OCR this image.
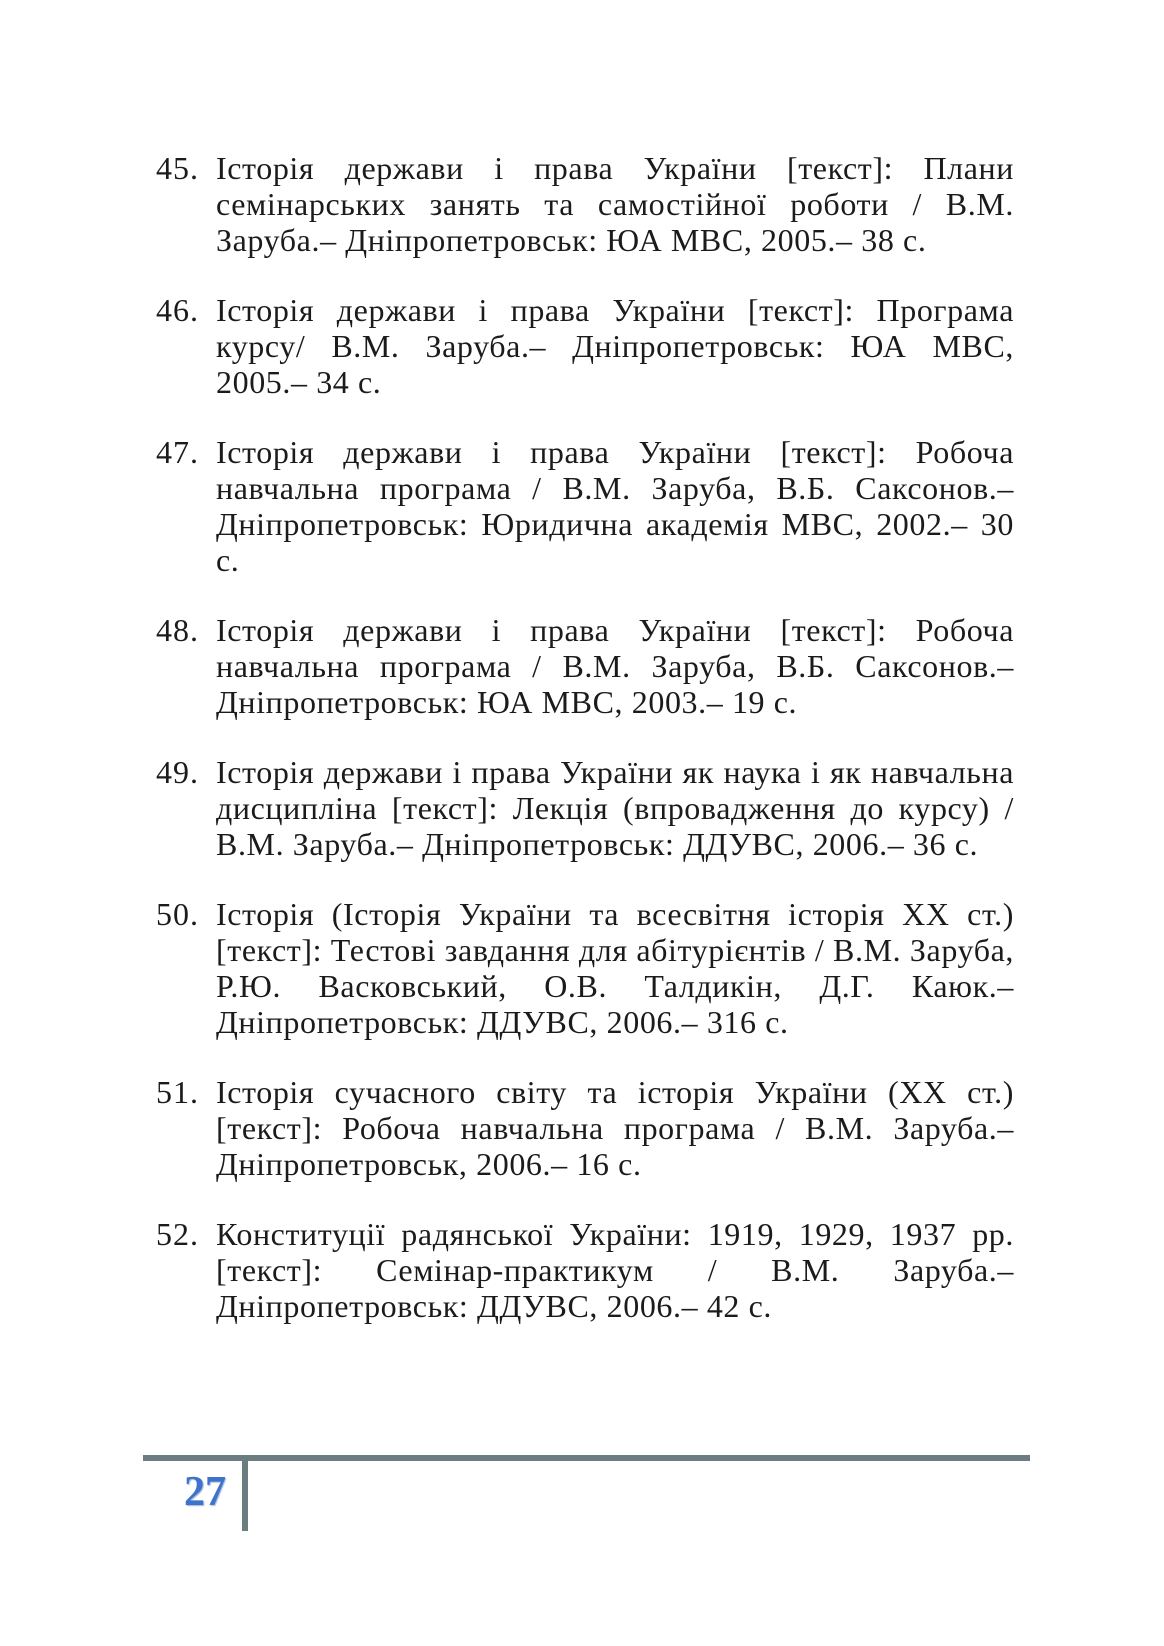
45. Історія держави і права України [текст]: Плани семінарських занять та самостійної роботи / В.М. Заруба.– Дніпропетровськ: ЮА МВС, 2005.– 38 с.
46. Історія держави і права України [текст]: Програма курсу/ В.М. Заруба.– Дніпропетровськ: ЮА МВС, 2005.– 34 с.
47. Історія держави і права України [текст]: Робоча навчальна програма / В.М. Заруба, В.Б. Саксонов.– Дніпропетровськ: Юридична академія МВС, 2002.– 30 с.
48. Історія держави і права України [текст]: Робоча навчальна програма / В.М. Заруба, В.Б. Саксонов.– Дніпропетровськ: ЮА МВС, 2003.– 19 с.
49. Історія держави і права України як наука і як навчальна дисципліна [текст]: Лекція (впровадження до курсу) / В.М. Заруба.– Дніпропетровськ: ДДУВС, 2006.– 36 с.
50. Історія (Історія України та всесвітня історія XX ст.) [текст]: Тестові завдання для абітурієнтів / В.М. Заруба, Р.Ю. Васковський, О.В. Талдикін, Д.Г. Каюк.– Дніпропетровськ: ДДУВС, 2006.– 316 с.
51. Історія сучасного світу та історія України (XX ст.) [текст]: Робоча навчальна програма / В.М. Заруба.– Дніпропетровськ, 2006.– 16 с.
52. Конституції радянської України: 1919, 1929, 1937 рр. [текст]: Семінар-практикум / В.М. Заруба.– Дніпропетровськ: ДДУВС, 2006.– 42 с.
27
